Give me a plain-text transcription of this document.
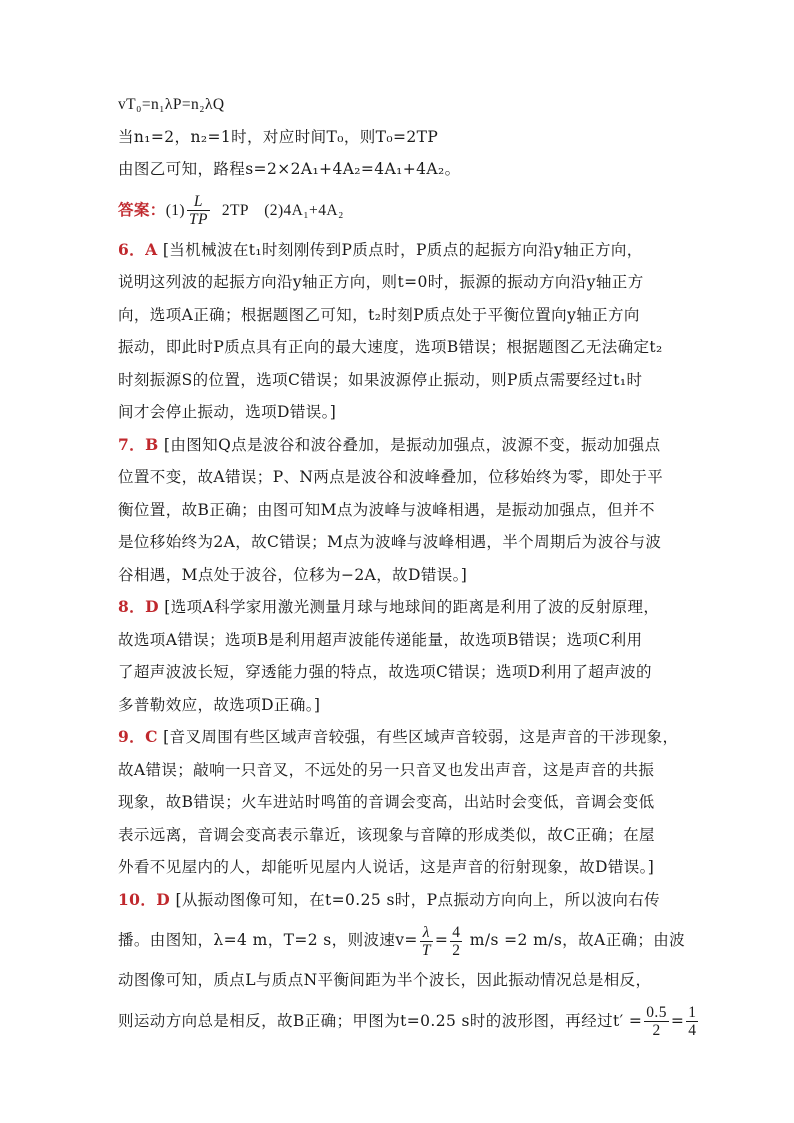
vT₀=n₁λP=n₂λQ
当n₁=2，n₂=1时，对应时间T₀，则T₀=2TP
由图乙可知，路程s=2×2A₁+4A₂=4A₁+4A₂。
答案：$(1) \frac{L}{TP} 2TP$　(2)4A₁+4A₂
6．A [当机械波在t₁时刻刚传到P质点时，P质点的起振方向沿y轴正方向，
说明这列波的起振方向沿y轴正方向，则t=0时，振源的振动方向沿y轴正方
向，选项A正确；根据题图乙可知，t₂时刻P质点处于平衡位置向y轴正方向
振动，即此时P质点具有正向的最大速度，选项B错误；根据题图乙无法确定t₂
时刻振源S的位置，选项C错误；如果波源停止振动，则P质点需要经过t₁时
间才会停止振动，选项D错误。]
7．B [由图知Q点是波谷和波谷叠加，是振动加强点，波源不变，振动加强点
位置不变，故A错误；P、N两点是波谷和波峰叠加，位移始终为零，即处于平
衡位置，故B正确；由图可知M点为波峰与波峰相遇，是振动加强点，但并不
是位移始终为2A，故C错误；M点为波峰与波峰相遇，半个周期后为波谷与波
谷相遇，M点处于波谷，位移为−2A，故D错误。]
8．D [选项A科学家用激光测量月球与地球间的距离是利用了波的反射原理，
故选项A错误；选项B是利用超声波能传递能量，故选项B错误；选项C利用
了超声波波长短，穿透能力强的特点，故选项C错误；选项D利用了超声波的
多普勒效应，故选项D正确。]
9．C [音叉周围有些区域声音较强，有些区域声音较弱，这是声音的干涉现象，
故A错误；敲响一只音叉，不远处的另一只音叉也发出声音，这是声音的共振
现象，故B错误；火车进站时鸣笛的音调会变高，出站时会变低，音调会变低
表示远离，音调会变高表示靠近，该现象与音障的形成类似，故C正确；在屋
外看不见屋内的人，却能听见屋内人说话，这是声音的衍射现象，故D错误。]
10．D [从振动图像可知，在t=0.25 s时，P点振动方向向上，所以波向右传
播。由图知，λ=4 m，T=2 s，则波速$v= \frac{\lambda}{T} = \frac{4}{2} m/s =2$ m/s，故A正确；由波
动图像可知，质点L与质点N平衡间距为半个波长，因此振动情况总是相反，
则运动方向总是相反，故B正确；甲图为t=0.25 s时的波形图，再经过$t' = \frac{0.5}{2} = \frac{1}{4}$
